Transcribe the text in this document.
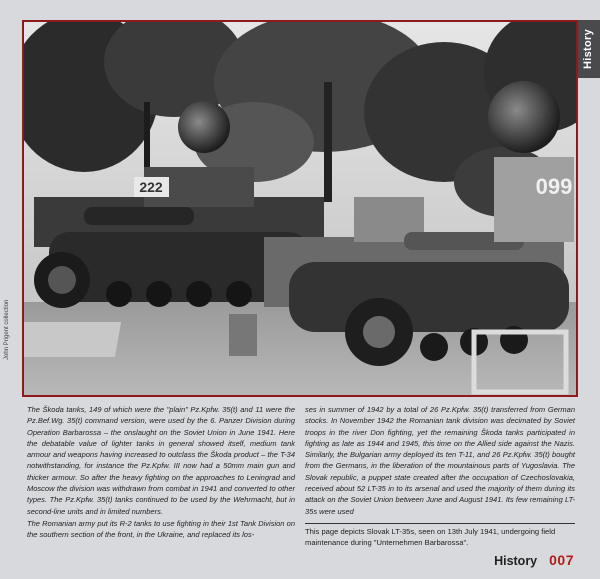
History
222	099
John Prigent collection

The Škoda tanks, 149 of which were the "plain" Pz.Kpfw. 35(t) and 11 were the Pz.Bef.Wg. 35(t) command version, were used by the 6. Panzer Division during Operation Barbarossa – the onslaught on the Soviet Union in June 1941. Here the debatable value of lighter tanks in general showed itself, medium tank armour and weapons having increased to outclass the Škoda product – the T-34 notwithstanding, for instance the Pz.Kpfw. III now had a 50mm main gun and thicker armour. So after the heavy fighting on the approaches to Leningrad and Moscow the division was withdrawn from combat in 1941 and converted to other types. The Pz.Kpfw. 35(t) tanks continued to be used by the Wehrmacht, but in second-line units and in limited numbers.

The Romanian army put its R-2 tanks to use fighting in their 1st Tank Division on the southern section of the front, in the Ukraine, and replaced its los-

ses in summer of 1942 by a total of 26 Pz.Kpfw. 35(t) transferred from German stocks. In November 1942 the Romanian tank division was decimated by Soviet troops in the river Don fighting, yet the remaining Škoda tanks participated in fighting as late as 1944 and 1945, this time on the Allied side against the Nazis. Similarly, the Bulgarian army deployed its ten T-11, and 26 Pz.Kpfw. 35(t) bought from the Germans, in the liberation of the mountainous parts of Yugoslavia. The Slovak republic, a puppet state created after the occupation of Czechoslovakia, received about 52 LT-35 in to its arsenal and used the majority of them during its attack on the Soviet Union between June and August 1941. Its few remaining LT-35s were used

This page depicts Slovak LT-35s, seen on 13th July 1941, undergoing field maintenance during "Unternehmen Barbarossa".
History 007
